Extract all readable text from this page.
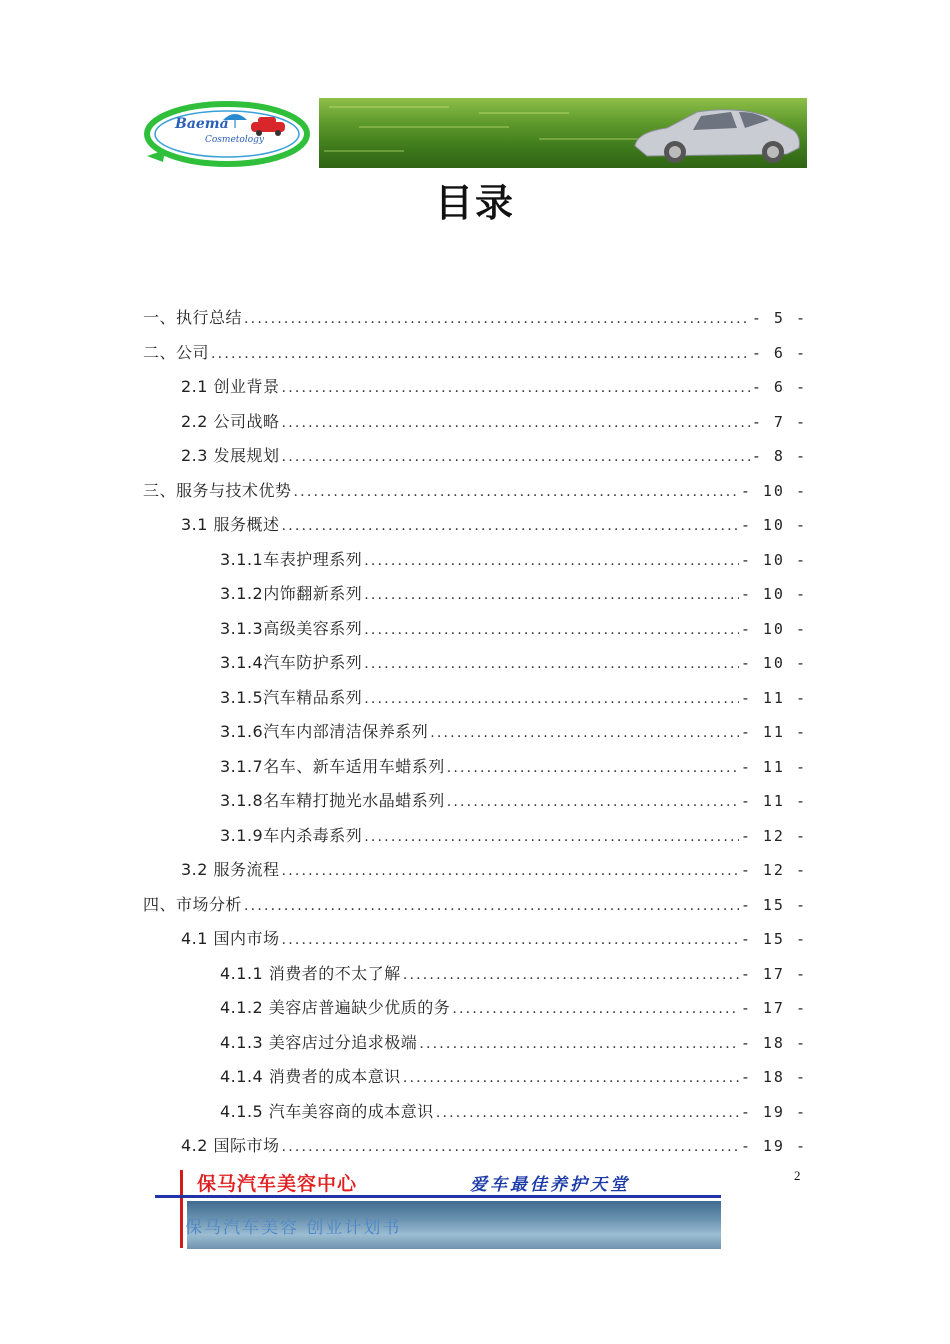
Baema
Cosmetology
目录
一、执行总结 .....	- 5 -
二、公司 .....	- 6 -
2.1 创业背景 .....	- 6 -
2.2 公司战略 .....	- 7 -
2.3 发展规划 .....	- 8 -
三、服务与技术优势 .....	- 10 -
3.1 服务概述 .....	- 10 -
3.1.1车表护理系列 .....	- 10 -
3.1.2内饰翻新系列 .....	- 10 -
3.1.3高级美容系列 .....	- 10 -
3.1.4汽车防护系列 .....	- 10 -
3.1.5汽车精品系列 .....	- 11 -
3.1.6汽车内部清洁保养系列 .....	- 11 -
3.1.7名车、新车适用车蜡系列 .....	- 11 -
3.1.8名车精打抛光水晶蜡系列 .....	- 11 -
3.1.9车内杀毒系列 .....	- 12 -
3.2 服务流程 .....	- 12 -
四、市场分析 .....	- 15 -
4.1 国内市场 .....	- 15 -
4.1.1 消费者的不太了解 .....	- 17 -
4.1.2 美容店普遍缺少优质的务 .....	- 17 -
4.1.3 美容店过分追求极端 .....	- 18 -
4.1.4 消费者的成本意识 .....	- 18 -
4.1.5 汽车美容商的成本意识 .....	- 19 -
4.2 国际市场 .....	- 19 -
2
保马汽车美容中心	爱车最佳养护天堂
保马汽车美容 创业计划书
